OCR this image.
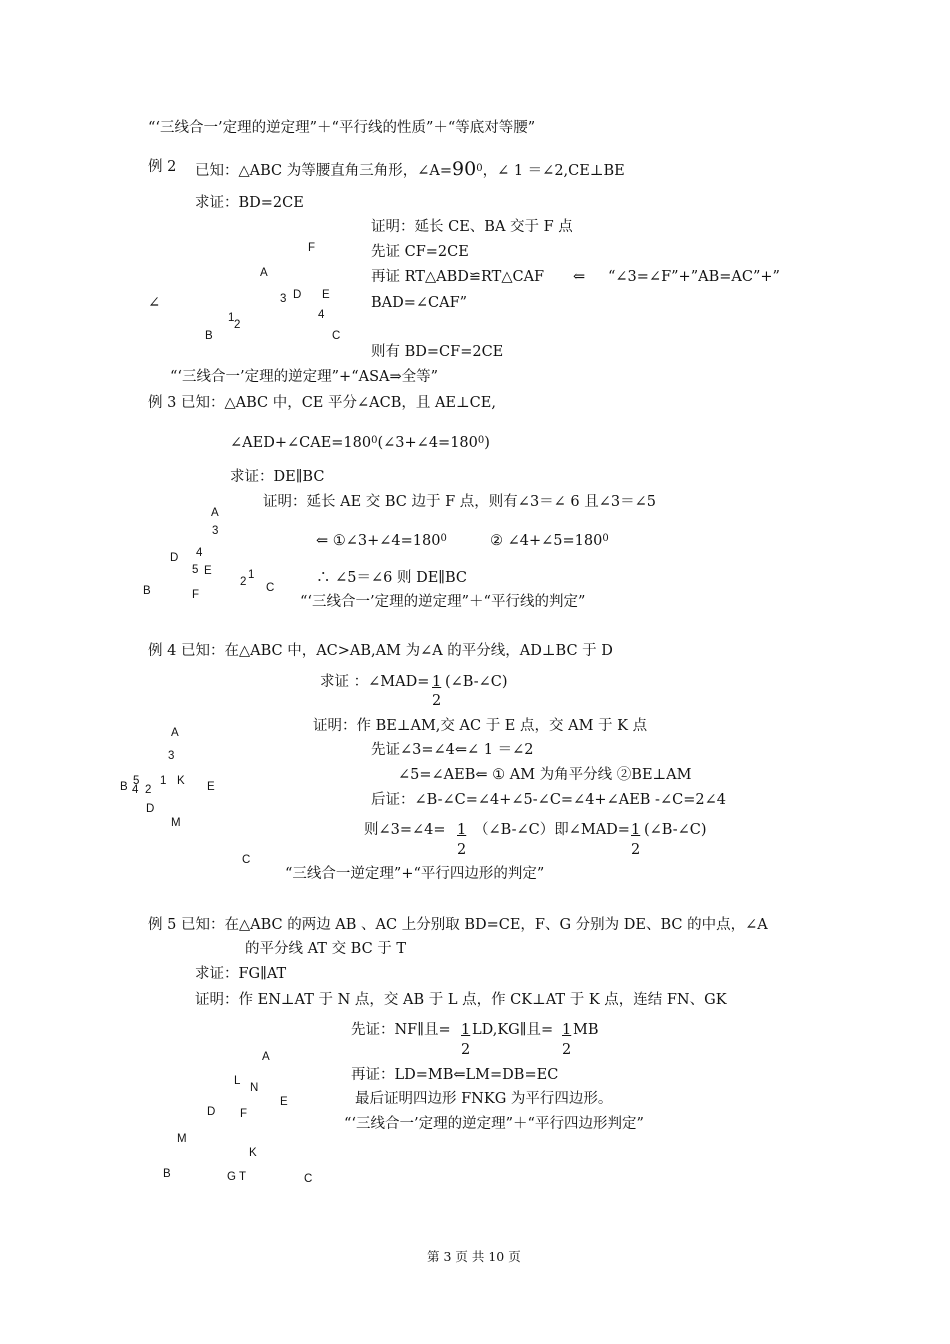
“‘三线合一’定理的逆定理”＋“平行线的性质”＋“等底对等腰”
例 2 已知：△ABC 为等腰直角三角形，$\angle A=90^0$，∠ 1 ＝∠2,CE⊥BE
求证：BD=2CE
证明：延长 CE、BA 交于 F 点
先证 CF=2CE
再证 RT△ABD≌RT△CAF ⇐ “∠3=∠F”+”AB=AC”+”
∠	BAD=∠CAF”
则有 BD=CF=2CE
F
A
3 D E
4
1
2
B	C
“‘三线合一’定理的逆定理”+“ASA⇒全等”
例 3 已知：△ABC 中，CE 平分∠ACB，且 AE⊥CE,
$\angle AED+\angle CAE=180^0(\angle 3+\angle 4=180^0)$
求证：DE∥BC
证明：延长 AE 交 BC 边于 F 点，则有∠3＝∠ 6 且∠3＝∠5
⇐ $①\angle 3+\angle 4=180^0$	② $\angle 4+\angle 5=180^0$
∴ ∠5＝∠6 则 DE∥BC
“‘三线合一’定理的逆定理”＋“平行线的判定”
A
3
D 4
5 E
2
1
B	F
C
例 4 已知：在△ABC 中，AC>AB,AM 为∠A 的平分线，AD⊥BC 于 D
求证 ：∠MAD= 1
2
(∠B-∠C)
证明：作 BE⊥AM,交 AC 于 E 点，交 AM 于 K 点
先证∠3=∠4⇐∠ 1 ＝∠2
∠5=∠AEB⇐ ① AM 为角平分线 ②BE⊥AM
后证：∠B-∠C=∠4+∠5-∠C=∠4+∠AEB -∠C=2∠4
则∠3=∠4= 1
2
（∠B-∠C）即∠MAD= 1
2
(∠B-∠C)
“三线合一逆定理”+“平行四边形的判定”
A
3
B 5
4 2
1 K E
D
M
C
例 5 已知：在△ABC 的两边 AB 、AC 上分别取 BD=CE，F、G 分别为 DE、BC 的中点，∠A
的平分线 AT 交 BC 于 T
求证：FG∥AT
证明：作 EN⊥AT 于 N 点，交 AB 于 L 点，作 CK⊥AT 于 K 点，连结 FN、GK
先证：NF∥且= 1
2
LD,KG∥且= 1
2
MB
再证：LD=MB⇐LM=DB=EC
最后证明四边形 FNKG 为平行四边形。
“‘三线合一’定理的逆定理”＋“平行四边形判定”
A
L
N
E
D F
M
K
B	G T	C
第 3 页 共 10 页
